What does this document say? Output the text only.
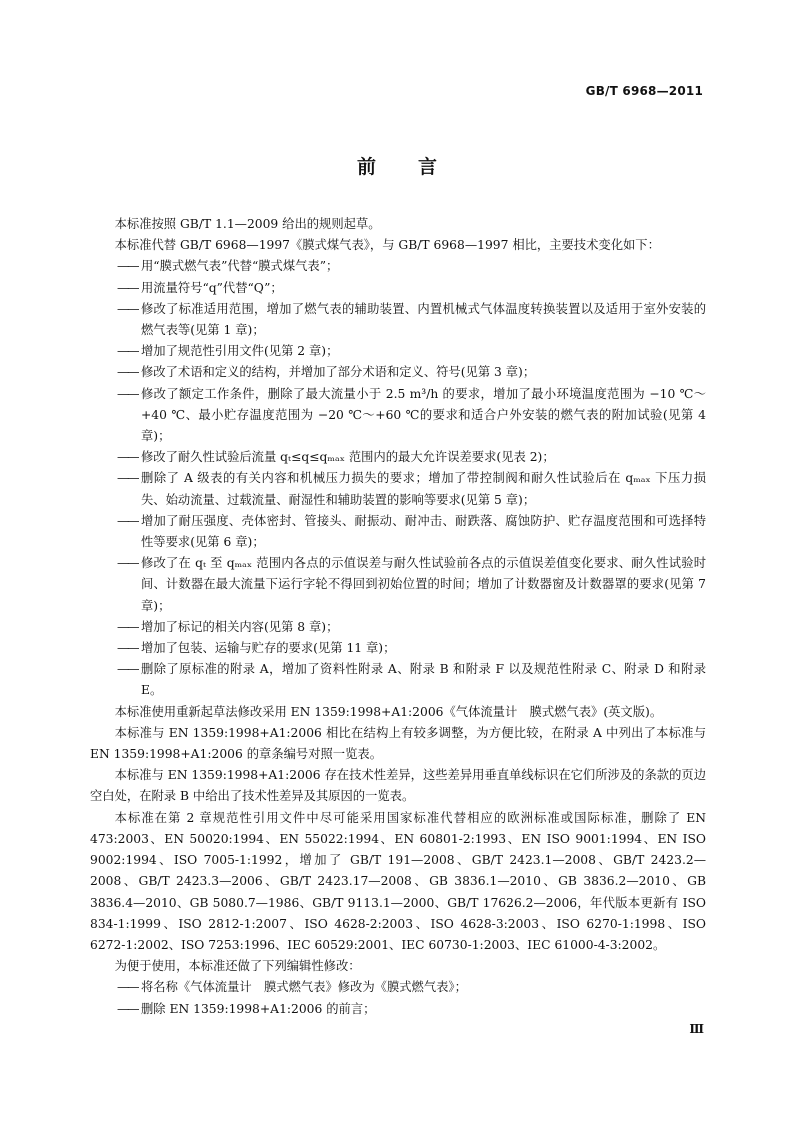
GB/T 6968—2011
前 言

本标准按照 GB/T 1.1—2009 给出的规则起草。

本标准代替 GB/T 6968—1997《膜式煤气表》，与 GB/T 6968—1997 相比，主要技术变化如下：

—— 用“膜式燃气表”代替“膜式煤气表”；
—— 用流量符号“q”代替“Q”；
—— 修改了标准适用范围，增加了燃气表的辅助装置、内置机械式气体温度转换装置以及适用于室外安装的燃气表等(见第 1 章)；
—— 增加了规范性引用文件(见第 2 章)；
—— 修改了术语和定义的结构，并增加了部分术语和定义、符号(见第 3 章)；
—— 修改了额定工作条件，删除了最大流量小于 2.5 m³/h 的要求，增加了最小环境温度范围为 −10 ℃～+40 ℃、最小贮存温度范围为 −20 ℃～+60 ℃的要求和适合户外安装的燃气表的附加试验(见第 4 章)；
—— 修改了耐久性试验后流量 qₜ≤q≤qₘₐₓ 范围内的最大允许误差要求(见表 2)；
—— 删除了 A 级表的有关内容和机械压力损失的要求；增加了带控制阀和耐久性试验后在 qₘₐₓ 下压力损失、始动流量、过载流量、耐湿性和辅助装置的影响等要求(见第 5 章)；
—— 增加了耐压强度、壳体密封、管接头、耐振动、耐冲击、耐跌落、腐蚀防护、贮存温度范围和可选择特性等要求(见第 6 章)；
—— 修改了在 qₜ 至 qₘₐₓ 范围内各点的示值误差与耐久性试验前各点的示值误差值变化要求、耐久性试验时间、计数器在最大流量下运行字轮不得回到初始位置的时间；增加了计数器窗及计数器罩的要求(见第 7 章)；
—— 增加了标记的相关内容(见第 8 章)；
—— 增加了包装、运输与贮存的要求(见第 11 章)；
—— 删除了原标准的附录 A，增加了资料性附录 A、附录 B 和附录 F 以及规范性附录 C、附录 D 和附录 E。

本标准使用重新起草法修改采用 EN 1359:1998+A1:2006《气体流量计　膜式燃气表》(英文版)。

本标准与 EN 1359:1998+A1:2006 相比在结构上有较多调整，为方便比较，在附录 A 中列出了本标准与 EN 1359:1998+A1:2006 的章条编号对照一览表。

本标准与 EN 1359:1998+A1:2006 存在技术性差异，这些差异用垂直单线标识在它们所涉及的条款的页边空白处，在附录 B 中给出了技术性差异及其原因的一览表。

本标准在第 2 章规范性引用文件中尽可能采用国家标准代替相应的欧洲标准或国际标准，删除了 EN 473:2003、EN 50020:1994、EN 55022:1994、EN 60801-2:1993、EN ISO 9001:1994、EN ISO 9002:1994、ISO 7005-1:1992，增加了 GB/T 191—2008、GB/T 2423.1—2008、GB/T 2423.2—2008、GB/T 2423.3—2006、GB/T 2423.17—2008、GB 3836.1—2010、GB 3836.2—2010、GB 3836.4—2010、GB 5080.7—1986、GB/T 9113.1—2000、GB/T 17626.2—2006，年代版本更新有 ISO 834-1:1999、ISO 2812-1:2007、ISO 4628-2:2003、ISO 4628-3:2003、ISO 6270-1:1998、ISO 6272-1:2002、ISO 7253:1996、IEC 60529:2001、IEC 60730-1:2003、IEC 61000-4-3:2002。

为便于使用，本标准还做了下列编辑性修改：

—— 将名称《气体流量计　膜式燃气表》修改为《膜式燃气表》；
—— 删除 EN 1359:1998+A1:2006 的前言；
Ⅲ
